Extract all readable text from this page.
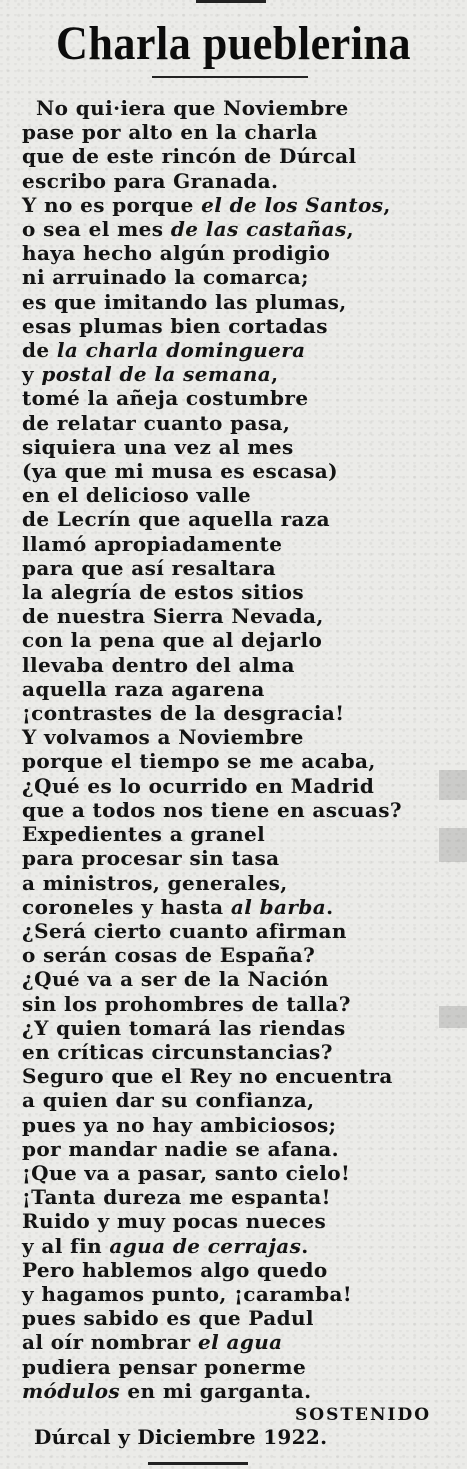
Charla pueblerina
No qui·iera que Noviembre
pase por alto en la charla
que de este rincón de Dúrcal
escribo para Granada.
Y no es porque el de los Santos,
o sea el mes de las castañas,
haya hecho algún prodigio
ni arruinado la comarca;
es que imitando las plumas,
esas plumas bien cortadas
de la charla dominguera
y postal de la semana,
tomé la añeja costumbre
de relatar cuanto pasa,
siquiera una vez al mes
(ya que mi musa es escasa)
en el delicioso valle
de Lecrín que aquella raza
llamó apropiadamente
para que así resaltara
la alegría de estos sitios
de nuestra Sierra Nevada,
con la pena que al dejarlo
llevaba dentro del alma
aquella raza agarena
¡contrastes de la desgracia!
Y volvamos a Noviembre
porque el tiempo se me acaba,
¿Qué es lo ocurrido en Madrid
que a todos nos tiene en ascuas?
Expedientes a granel
para procesar sin tasa
a ministros, generales,
coroneles y hasta al barba.
¿Será cierto cuanto afirman
o serán cosas de España?
¿Qué va a ser de la Nación
sin los prohombres de talla?
¿Y quien tomará las riendas
en críticas circunstancias?
Seguro que el Rey no encuentra
a quien dar su confianza,
pues ya no hay ambiciosos;
por mandar nadie se afana.
¡Que va a pasar, santo cielo!
¡Tanta dureza me espanta!
Ruido y muy pocas nueces
y al fin agua de cerrajas.
Pero hablemos algo quedo
y hagamos punto, ¡caramba!
pues sabido es que Padul
al oír nombrar el agua
pudiera pensar ponerme
módulos en mi garganta.
SOSTENIDO
Dúrcal y Diciembre 1922.
